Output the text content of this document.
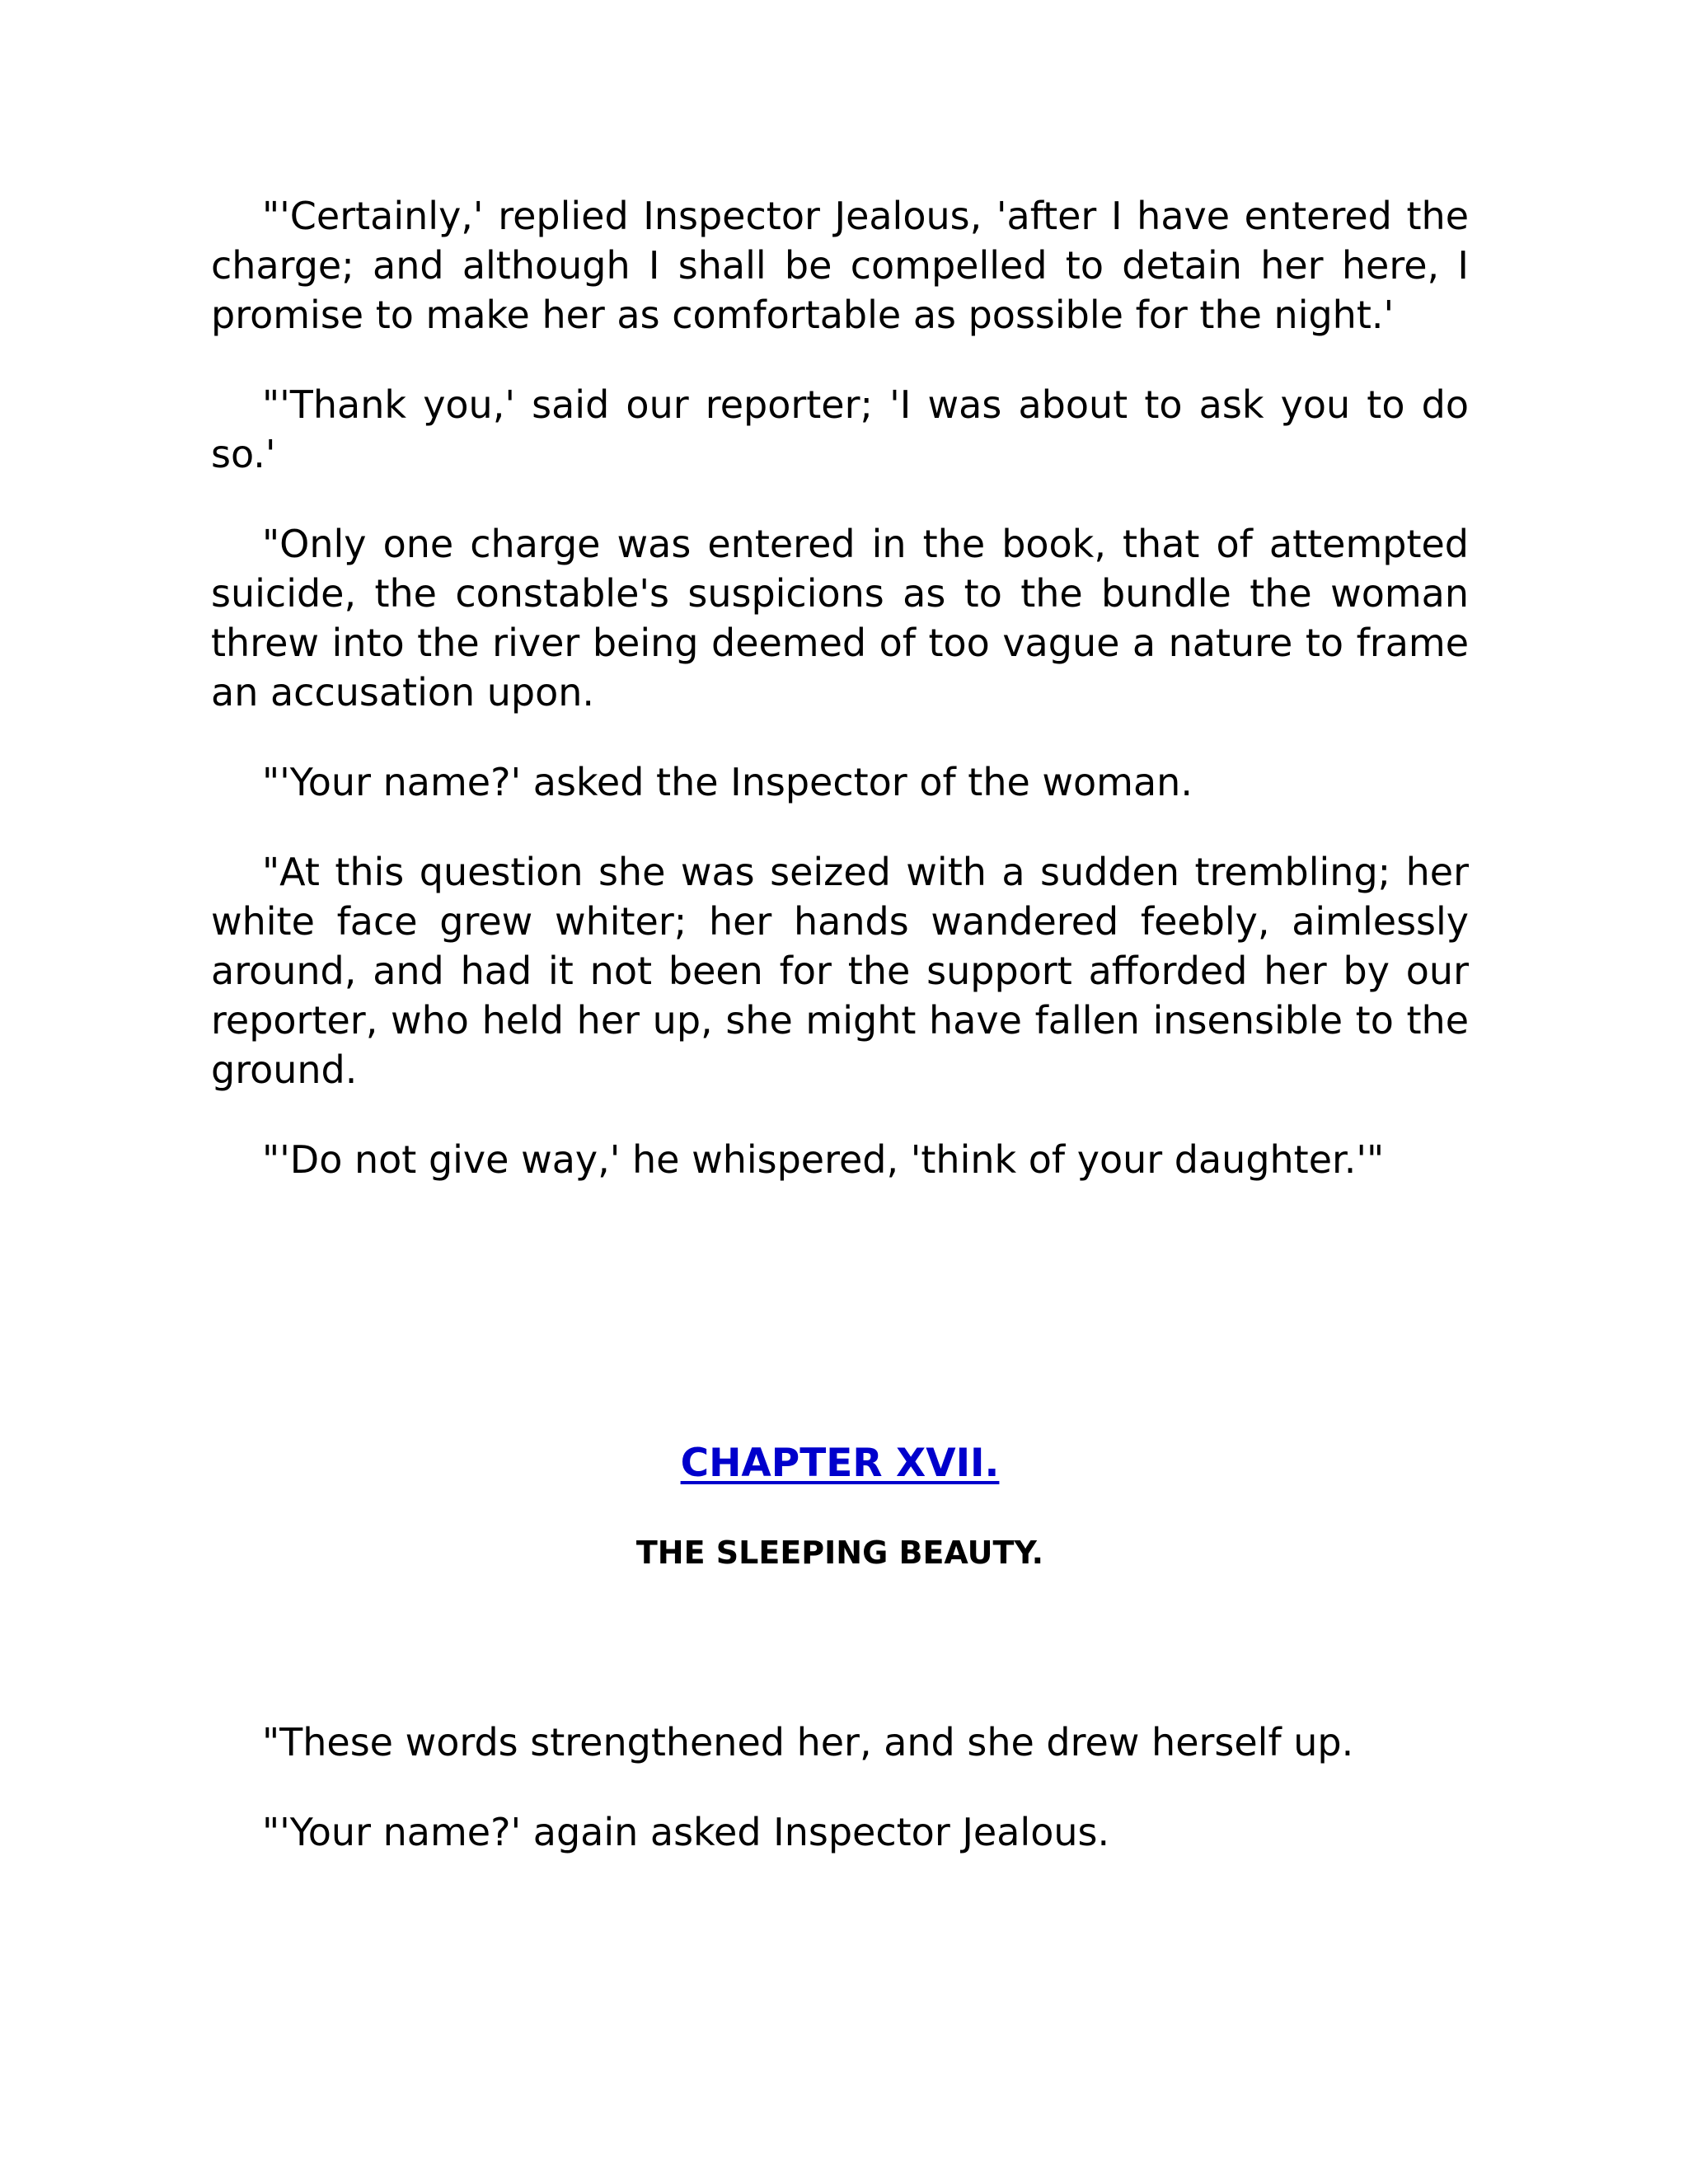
"'Certainly,' replied Inspector Jealous, 'after I have entered the charge; and although I shall be compelled to detain her here, I promise to make her as comfortable as possible for the night.'

"'Thank you,' said our reporter; 'I was about to ask you to do so.'

"Only one charge was entered in the book, that of attempted suicide, the constable's suspicions as to the bundle the woman threw into the river being deemed of too vague a nature to frame an accusation upon.

"'Your name?' asked the Inspector of the woman.

"At this question she was seized with a sudden trembling; her white face grew whiter; her hands wandered feebly, aimlessly around, and had it not been for the support afforded her by our reporter, who held her up, she might have fallen insensible to the ground.

"'Do not give way,' he whispered, 'think of your daughter.'"

CHAPTER XVII.
THE SLEEPING BEAUTY.

"These words strengthened her, and she drew herself up.

"'Your name?' again asked Inspector Jealous.
